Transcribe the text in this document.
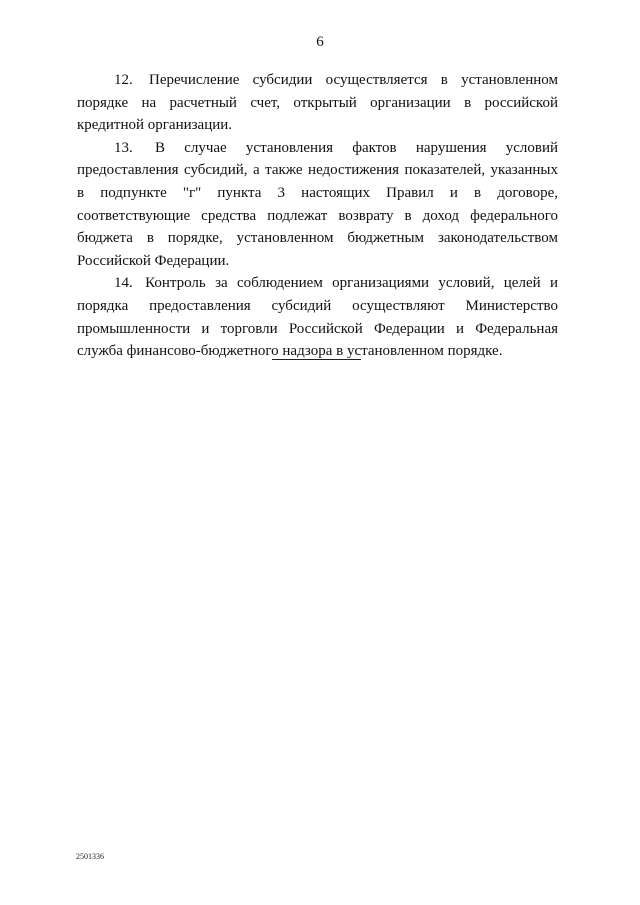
6

12. Перечисление субсидии осуществляется в установленном порядке на расчетный счет, открытый организации в российской кредитной организации.

13. В случае установления фактов нарушения условий предоставления субсидий, а также недостижения показателей, указанных в подпункте "г" пункта 3 настоящих Правил и в договоре, соответствующие средства подлежат возврату в доход федерального бюджета в порядке, установленном бюджетным законодательством Российской Федерации.

14. Контроль за соблюдением организациями условий, целей и порядка предоставления субсидий осуществляют Министерство промышленности и торговли Российской Федерации и Федеральная служба финансово-бюджетного надзора в установленном порядке.

2501336
